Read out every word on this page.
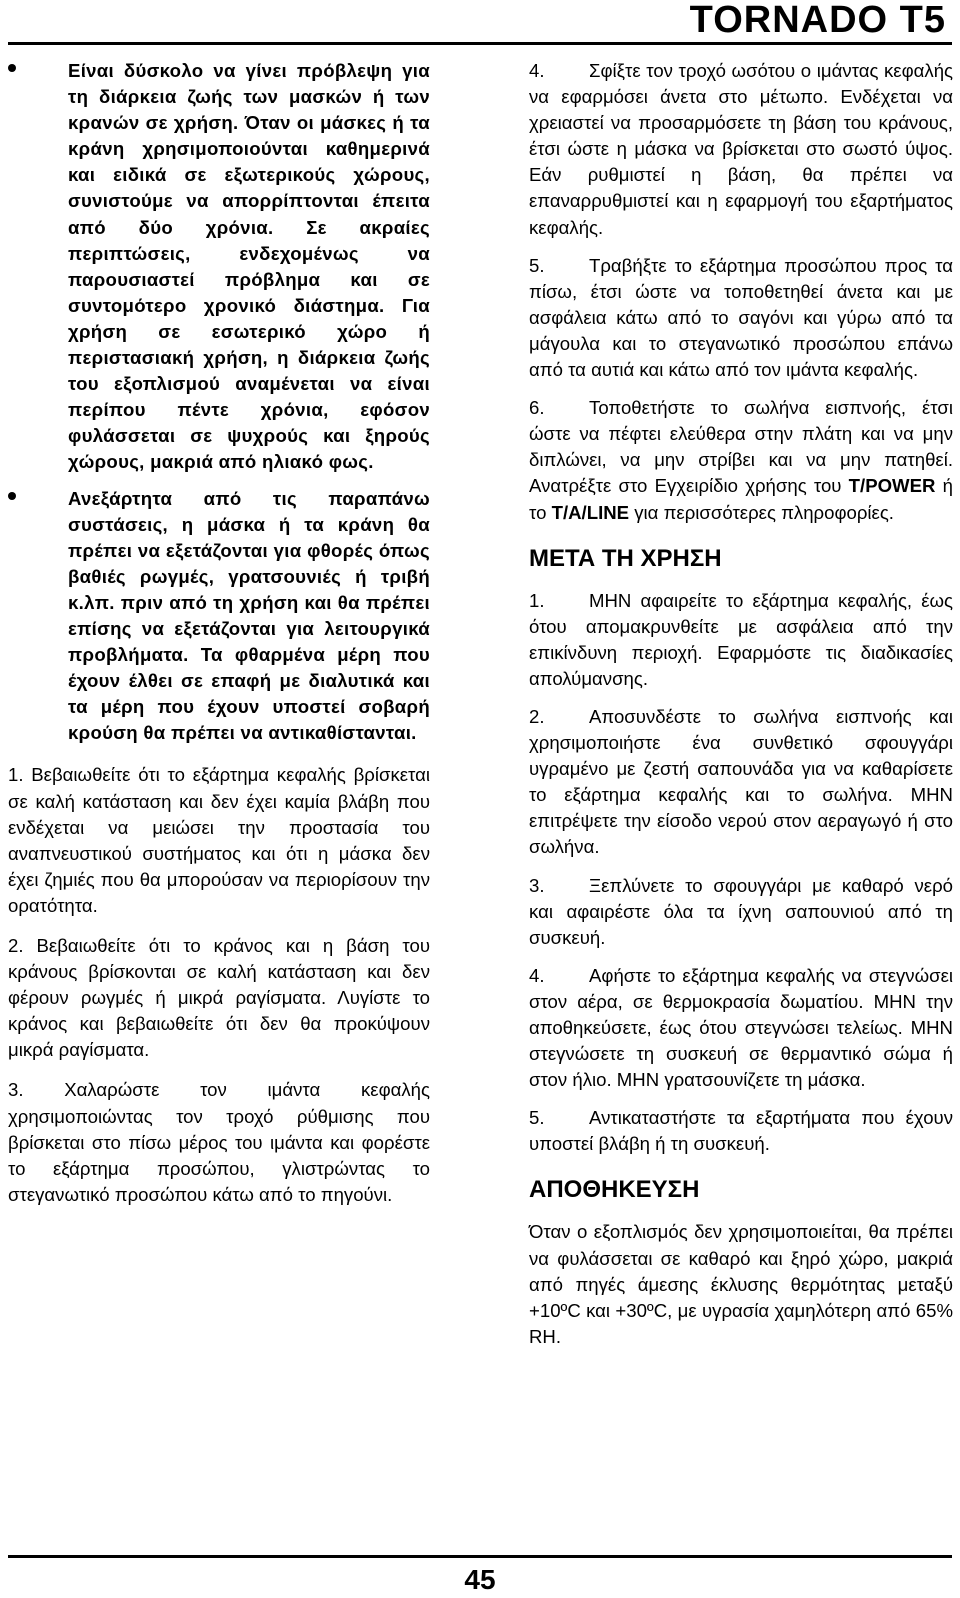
TORNADO T5

Είναι δύσκολο να γίνει πρόβλεψη για τη διάρκεια ζωής των μασκών ή των κρανών σε χρήση. Όταν οι μάσκες ή τα κράνη χρησιμοποιούνται καθημερινά και ειδικά σε εξωτερικούς χώρους, συνιστούμε να απορρίπτονται έπειτα από δύο χρόνια. Σε ακραίες περιπτώσεις, ενδεχομένως να παρουσιαστεί πρόβλημα και σε συντομότερο χρονικό διάστημα. Για χρήση σε εσωτερικό χώρο ή περιστασιακή χρήση, η διάρκεια ζωής του εξοπλισμού αναμένεται να είναι περίπου πέντε χρόνια, εφόσον φυλάσσεται σε ψυχρούς και ξηρούς χώρους, μακριά από ηλιακό φως.

Ανεξάρτητα από τις παραπάνω συστάσεις, η μάσκα ή τα κράνη θα πρέπει να εξετάζονται για φθορές όπως βαθιές ρωγμές, γρατσουνιές ή τριβή κ.λπ. πριν από τη χρήση και θα πρέπει επίσης να εξετάζονται για λειτουργικά προβλήματα. Τα φθαρμένα μέρη που έχουν έλθει σε επαφή με διαλυτικά και τα μέρη που έχουν υποστεί σοβαρή κρούση θα πρέπει να αντικαθίστανται.

1. Βεβαιωθείτε ότι το εξάρτημα κεφαλής βρίσκεται σε καλή κατάσταση και δεν έχει καμία βλάβη που ενδέχεται να μειώσει την προστασία του αναπνευστικού συστήματος και ότι η μάσκα δεν έχει ζημιές που θα μπορούσαν να περιορίσουν την ορατότητα.

2. Βεβαιωθείτε ότι το κράνος και η βάση του κράνους βρίσκονται σε καλή κατάσταση και δεν φέρουν ρωγμές ή μικρά ραγίσματα. Λυγίστε το κράνος και βεβαιωθείτε ότι δεν θα προκύψουν μικρά ραγίσματα.

3. Χαλαρώστε τον ιμάντα κεφαλής χρησιμοποιώντας τον τροχό ρύθμισης που βρίσκεται στο πίσω μέρος του ιμάντα και φορέστε το εξάρτημα προσώπου, γλιστρώντας το στεγανωτικό προσώπου κάτω από το πηγούνι.

4. Σφίξτε τον τροχό ωσότου ο ιμάντας κεφαλής να εφαρμόσει άνετα στο μέτωπο. Ενδέχεται να χρειαστεί να προσαρμόσετε τη βάση του κράνους, έτσι ώστε η μάσκα να βρίσκεται στο σωστό ύψος. Εάν ρυθμιστεί η βάση, θα πρέπει να επαναρρυθμιστεί και η εφαρμογή του εξαρτήματος κεφαλής.

5. Τραβήξτε το εξάρτημα προσώπου προς τα πίσω, έτσι ώστε να τοποθετηθεί άνετα και με ασφάλεια κάτω από το σαγόνι και γύρω από τα μάγουλα και το στεγανωτικό προσώπου επάνω από τα αυτιά και κάτω από τον ιμάντα κεφαλής.

6. Τοποθετήστε το σωλήνα εισπνοής, έτσι ώστε να πέφτει ελεύθερα στην πλάτη και να μην διπλώνει, να μην στρίβει και να μην πατηθεί. Ανατρέξτε στο Εγχειρίδιο χρήσης του T/POWER ή το T/A/LINE για περισσότερες πληροφορίες.

ΜΕΤΑ ΤΗ ΧΡΗΣΗ

1. ΜΗΝ αφαιρείτε το εξάρτημα κεφαλής, έως ότου απομακρυνθείτε με ασφάλεια από την επικίνδυνη περιοχή. Εφαρμόστε τις διαδικασίες απολύμανσης.

2. Αποσυνδέστε το σωλήνα εισπνοής και χρησιμοποιήστε ένα συνθετικό σφουγγάρι υγραμένο με ζεστή σαπουνάδα για να καθαρίσετε το εξάρτημα κεφαλής και το σωλήνα. ΜΗΝ επιτρέψετε την είσοδο νερού στον αεραγωγό ή στο σωλήνα.

3. Ξεπλύνετε το σφουγγάρι με καθαρό νερό και αφαιρέστε όλα τα ίχνη σαπουνιού από τη συσκευή.

4. Αφήστε το εξάρτημα κεφαλής να στεγνώσει στον αέρα, σε θερμοκρασία δωματίου. ΜΗΝ την αποθηκεύσετε, έως ότου στεγνώσει τελείως. ΜΗΝ στεγνώσετε τη συσκευή σε θερμαντικό σώμα ή στον ήλιο. ΜΗΝ γρατσουνίζετε τη μάσκα.

5. Αντικαταστήστε τα εξαρτήματα που έχουν υποστεί βλάβη ή τη συσκευή.

ΑΠΟΘΗΚΕΥΣΗ

Όταν ο εξοπλισμός δεν χρησιμοποιείται, θα πρέπει να φυλάσσεται σε καθαρό και ξηρό χώρο, μακριά από πηγές άμεσης έκλυσης θερμότητας μεταξύ +10ºC και +30ºC, με υγρασία χαμηλότερη από 65% RH.

45
